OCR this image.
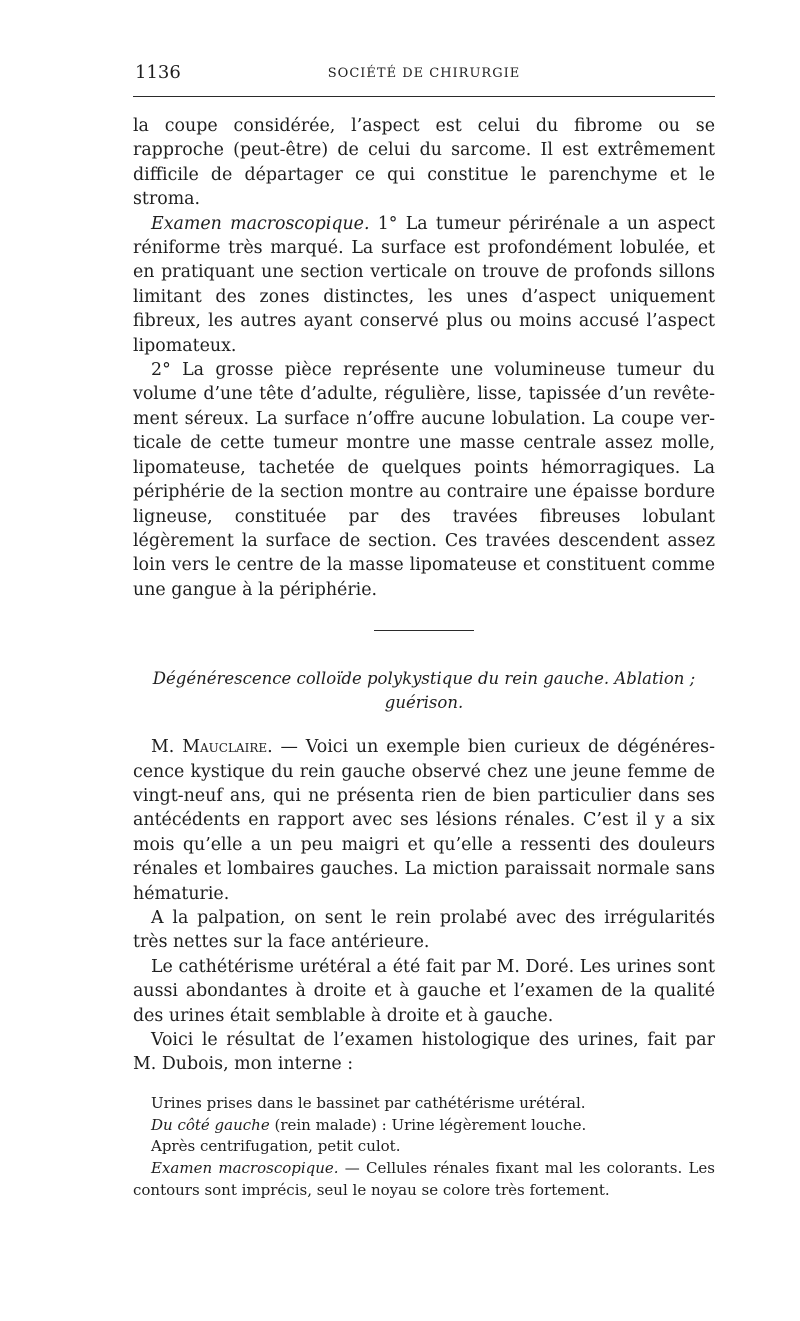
1136	SOCIÉTÉ DE CHIRURGIE

la coupe considérée, l’aspect est celui du fibrome ou se rapproche (peut-être) de celui du sarcome. Il est extrêmement difficile de départager ce qui constitue le parenchyme et le stroma.

Examen macroscopique. 1° La tumeur périrénale a un aspect réniforme très marqué. La surface est profondément lobulée, et en pratiquant une section verticale on trouve de profonds sillons limitant des zones distinctes, les unes d’aspect uniquement fibreux, les autres ayant conservé plus ou moins accusé l’aspect lipomateux.

2° La grosse pièce représente une volumineuse tumeur du volume d’une tête d’adulte, régulière, lisse, tapissée d’un revêtement séreux. La surface n’offre aucune lobulation. La coupe verticale de cette tumeur montre une masse centrale assez molle, lipomateuse, tachetée de quelques points hémorragiques. La périphérie de la section montre au contraire une épaisse bordure ligneuse, constituée par des travées fibreuses lobulant légèrement la surface de section. Ces travées descendent assez loin vers le centre de la masse lipomateuse et constituent comme une gangue à la périphérie.

Dégénérescence colloïde polykystique du rein gauche. Ablation ;
guérison.

M. Mauclaire. — Voici un exemple bien curieux de dégénérescence kystique du rein gauche observé chez une jeune femme de vingt-neuf ans, qui ne présenta rien de bien particulier dans ses antécédents en rapport avec ses lésions rénales. C’est il y a six mois qu’elle a un peu maigri et qu’elle a ressenti des douleurs rénales et lombaires gauches. La miction paraissait normale sans hématurie.

A la palpation, on sent le rein prolabé avec des irrégularités très nettes sur la face antérieure.

Le cathétérisme urétéral a été fait par M. Doré. Les urines sont aussi abondantes à droite et à gauche et l’examen de la qualité des urines était semblable à droite et à gauche.

Voici le résultat de l’examen histologique des urines, fait par M. Dubois, mon interne :

Urines prises dans le bassinet par cathétérisme urétéral.

Du côté gauche (rein malade) : Urine légèrement louche.

Après centrifugation, petit culot.

Examen macroscopique. — Cellules rénales fixant mal les colorants. Les contours sont imprécis, seul le noyau se colore très fortement.
